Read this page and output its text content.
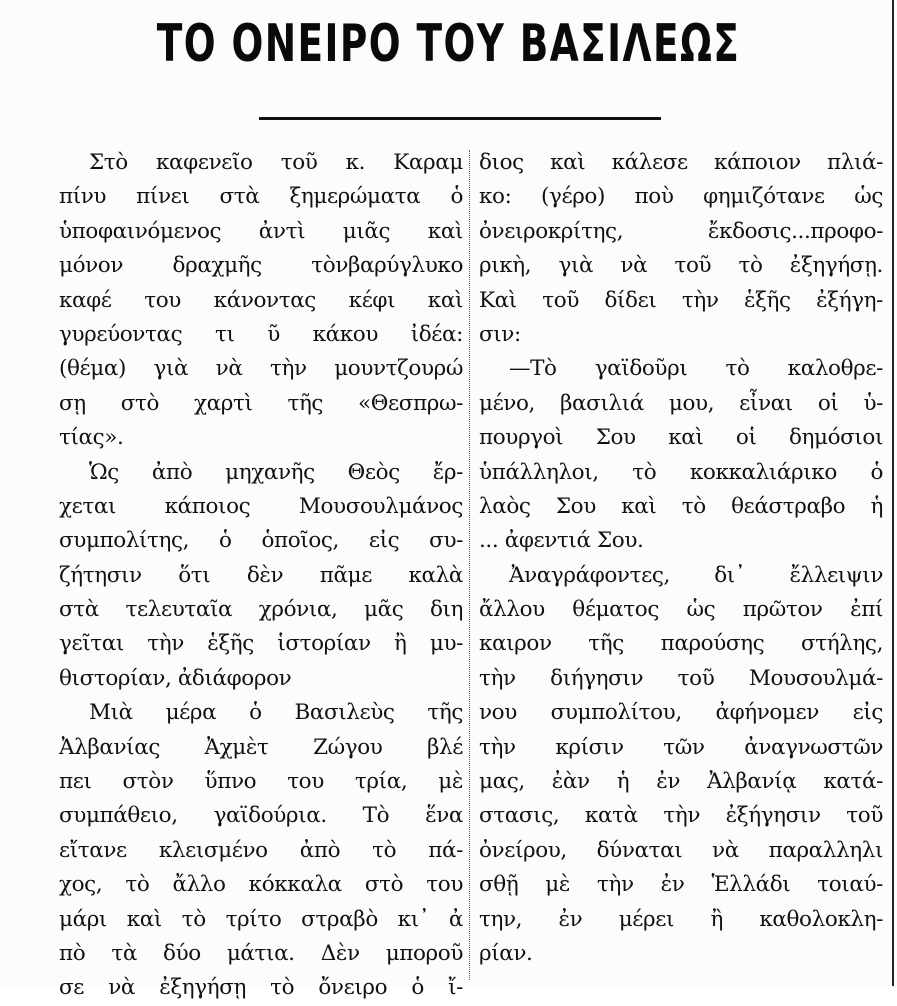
ΤΟ ΟΝΕΙΡΟ ΤΟΥ ΒΑΣΙΛΕΩΣ
Στὸ καφενεῖο τοῦ κ. Καραμ
πίνυ πίνει στὰ ξημερώματα ὁ
ὑποφαινόμενος ἀντὶ μιᾶς καὶ
μόνον δραχμῆς τὸνβαρύγλυκο
καφέ του κάνοντας κέφι καὶ
γυρεύοντας τι ῦ κάκου ἰδέα:
(θέμα) γιὰ νὰ τὴν μουντζουρώ
σῃ στὸ χαρτὶ τῆς «Θεσπρω-
τίας».
Ὡς ἀπὸ μηχανῆς Θεὸς ἔρ-
χεται κάποιος Μουσουλμάνος
συμπολίτης, ὁ ὁποῖος, εἰς συ-
ζήτησιν ὅτι δὲν πᾶμε καλὰ
στὰ τελευταῖα χρόνια, μᾶς διη
γεῖται τὴν ἑξῆς ἱστορίαν ἢ μυ-
θιστορίαν, ἀδιάφορον
Μιὰ μέρα ὁ Βασιλεὺς τῆς
Ἀλβανίας Ἀχμὲτ Ζώγου βλέ
πει στὸν ὕπνο του τρία, μὲ
συμπάθειο, γαϊδούρια. Τὸ ἕνα
εἴτανε κλεισμένο ἀπὸ τὸ πά-
χος, τὸ ἄλλο κόκκαλα στὸ του
μάρι καὶ τὸ τρίτο στραβὸ κι᾽ ἀ
πὸ τὰ δύο μάτια. Δὲν μποροῦ
σε νὰ ἐξηγήσῃ τὸ ὄνειρο ὁ ἴ-
διος καὶ κάλεσε κάποιον πλιά-
κο: (γέρο) ποὺ φημιζότανε ὡς
ὀνειροκρίτης, ἔκδοσις...προφο-
ρικὴ, γιὰ νὰ τοῦ τὸ ἐξηγήσῃ.
Καὶ τοῦ δίδει τὴν ἑξῆς ἐξήγη-
σιν:
—Τὸ γαϊδοῦρι τὸ καλοθρε-
μένο, βασιλιά μου, εἶναι οἱ ὑ-
πουργοὶ Σου καὶ οἱ δημόσιοι
ὑπάλληλοι, τὸ κοκκαλιάρικο ὁ
λαὸς Σου καὶ τὸ θεάστραβο ἡ
... ἀφεντιά Σου.
Ἀναγράφοντες, δι᾽ ἔλλειψιν
ἄλλου θέματος ὡς πρῶτον ἐπί
καιρον τῆς παρούσης στήλης,
τὴν διήγησιν τοῦ Μουσουλμά-
νου συμπολίτου, ἀφήνομεν εἰς
τὴν κρίσιν τῶν ἀναγνωστῶν
μας, ἐὰν ἡ ἐν Ἀλβανίᾳ κατά-
στασις, κατὰ τὴν ἐξήγησιν τοῦ
ὀνείρου, δύναται νὰ παραλληλι
σθῇ μὲ τὴν ἐν Ἑλλάδι τοιαύ-
την, ἐν μέρει ἢ καθολοκλη-
ρίαν.
